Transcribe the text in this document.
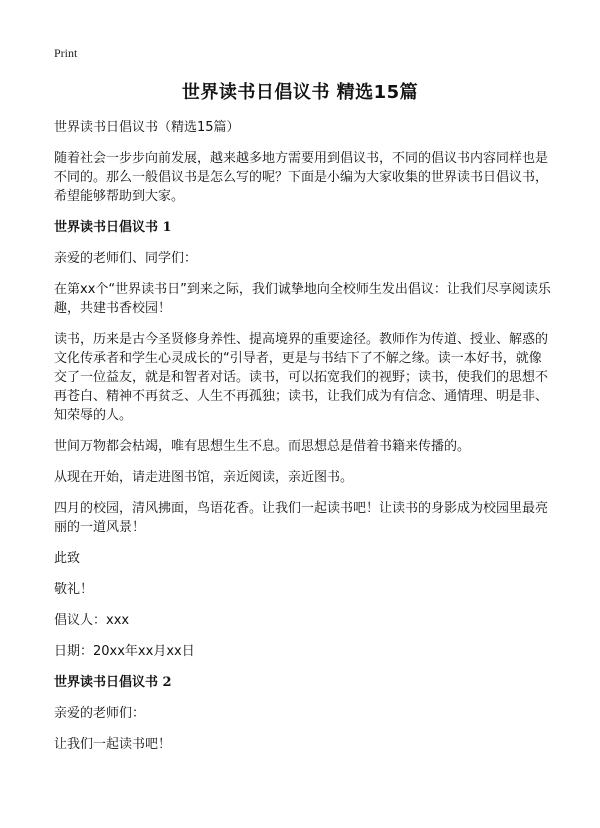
Print
世界读书日倡议书 精选15篇

世界读书日倡议书（精选15篇）

随着社会一步步向前发展，越来越多地方需要用到倡议书，不同的倡议书内容同样也是不同的。那么一般倡议书是怎么写的呢？下面是小编为大家收集的世界读书日倡议书，希望能够帮助到大家。

世界读书日倡议书 1

亲爱的老师们、同学们：

在第xx个“世界读书日”到来之际，我们诚挚地向全校师生发出倡议：让我们尽享阅读乐趣，共建书香校园！

读书，历来是古今圣贤修身养性、提高境界的重要途径。教师作为传道、授业、解惑的文化传承者和学生心灵成长的“引导者，更是与书结下了不解之缘。读一本好书，就像交了一位益友，就是和智者对话。读书，可以拓宽我们的视野；读书，使我们的思想不再苍白、精神不再贫乏、人生不再孤独；读书，让我们成为有信念、通情理、明是非、知荣辱的人。

世间万物都会枯竭，唯有思想生生不息。而思想总是借着书籍来传播的。

从现在开始，请走进图书馆，亲近阅读，亲近图书。

四月的校园，清风拂面，鸟语花香。让我们一起读书吧！让读书的身影成为校园里最亮丽的一道风景！

此致

敬礼！

倡议人：xxx

日期：20xx年xx月xx日

世界读书日倡议书 2

亲爱的老师们：

让我们一起读书吧！
